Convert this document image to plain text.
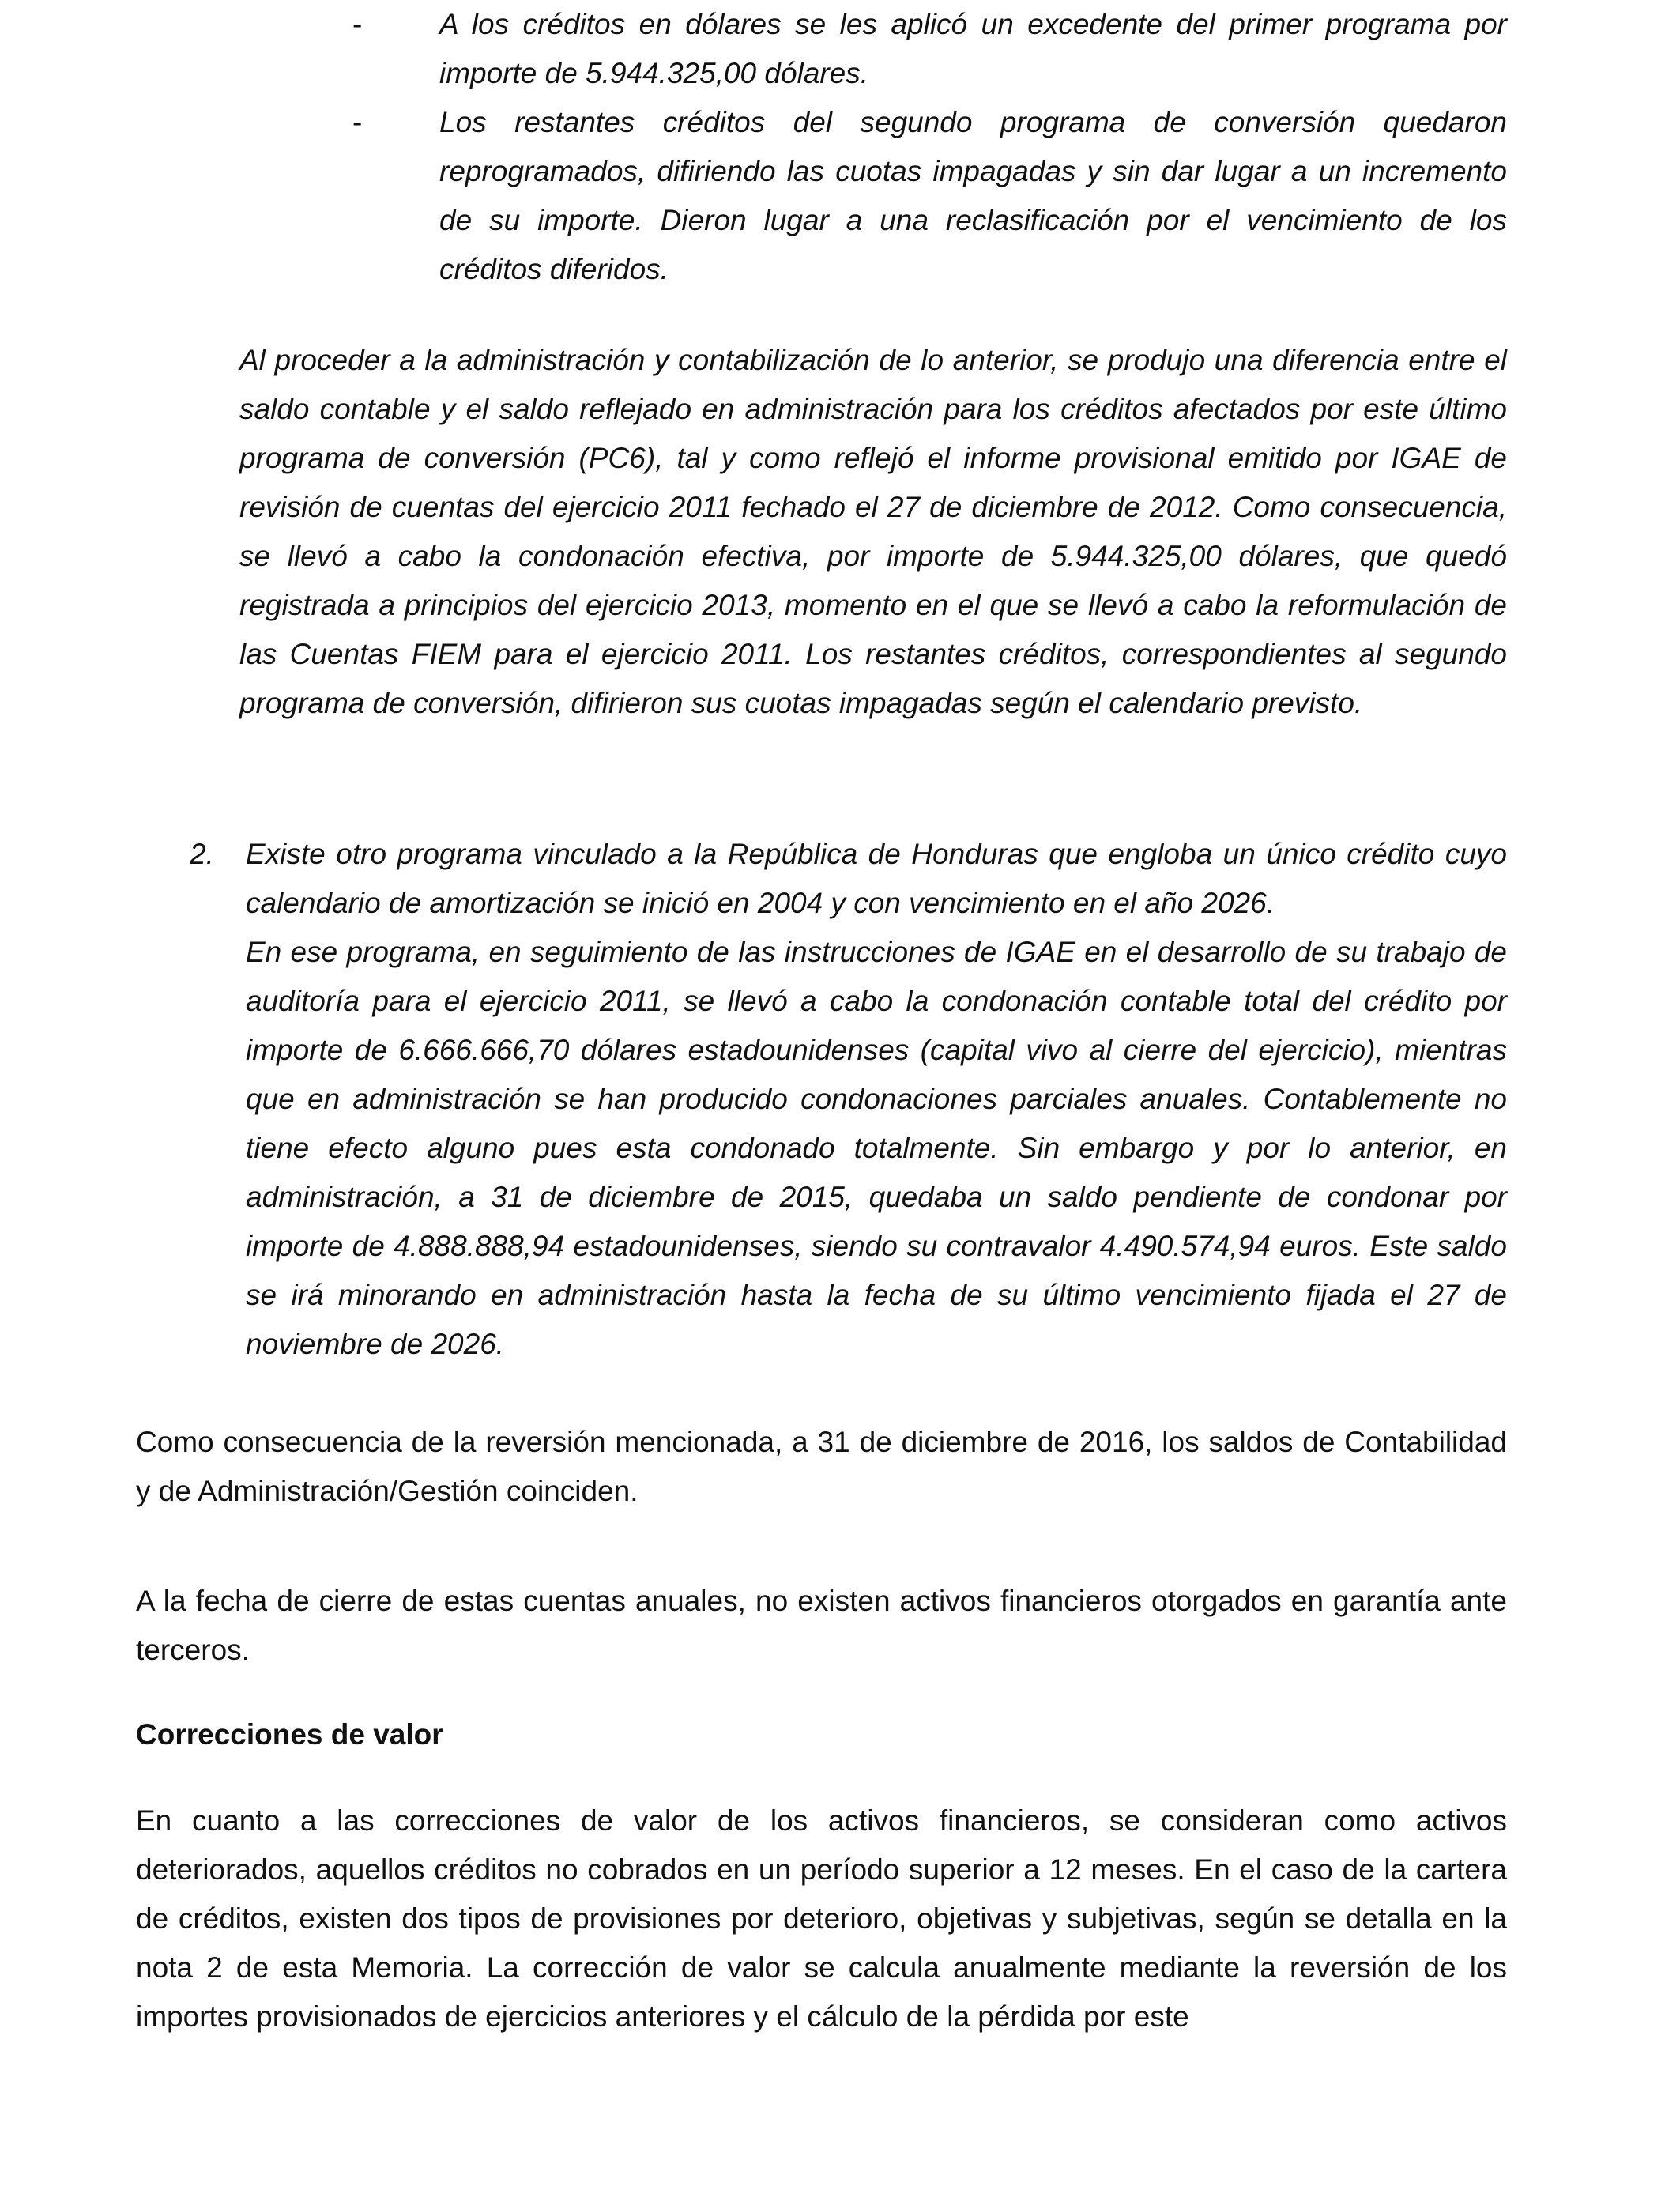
-	A los créditos en dólares se les aplicó un excedente del primer programa por importe de 5.944.325,00 dólares.

-	Los restantes créditos del segundo programa de conversión quedaron reprogramados, difiriendo las cuotas impagadas y sin dar lugar a un incremento de su importe. Dieron lugar a una reclasificación por el vencimiento de los créditos diferidos.

Al proceder a la administración y contabilización de lo anterior, se produjo una diferencia entre el saldo contable y el saldo reflejado en administración para los créditos afectados por este último programa de conversión (PC6), tal y como reflejó el informe provisional emitido por IGAE de revisión de cuentas del ejercicio 2011 fechado el 27 de diciembre de 2012. Como consecuencia, se llevó a cabo la condonación efectiva, por importe de 5.944.325,00 dólares, que quedó registrada a principios del ejercicio 2013, momento en el que se llevó a cabo la reformulación de las Cuentas FIEM para el ejercicio 2011. Los restantes créditos, correspondientes al segundo programa de conversión, difirieron sus cuotas impagadas según el calendario previsto.

2. Existe otro programa vinculado a la República de Honduras que engloba un único crédito cuyo calendario de amortización se inició en 2004 y con vencimiento en el año 2026.

En ese programa, en seguimiento de las instrucciones de IGAE en el desarrollo de su trabajo de auditoría para el ejercicio 2011, se llevó a cabo la condonación contable total del crédito por importe de 6.666.666,70 dólares estadounidenses (capital vivo al cierre del ejercicio), mientras que en administración se han producido condonaciones parciales anuales. Contablemente no tiene efecto alguno pues esta condonado totalmente. Sin embargo y por lo anterior, en administración, a 31 de diciembre de 2015, quedaba un saldo pendiente de condonar por importe de 4.888.888,94 estadounidenses, siendo su contravalor 4.490.574,94 euros. Este saldo se irá minorando en administración hasta la fecha de su último vencimiento fijada el 27 de noviembre de 2026.

Como consecuencia de la reversión mencionada, a 31 de diciembre de 2016, los saldos de Contabilidad y de Administración/Gestión coinciden.

A la fecha de cierre de estas cuentas anuales, no existen activos financieros otorgados en garantía ante terceros.

Correcciones de valor

En cuanto a las correcciones de valor de los activos financieros, se consideran como activos deteriorados, aquellos créditos no cobrados en un período superior a 12 meses. En el caso de la cartera de créditos, existen dos tipos de provisiones por deterioro, objetivas y subjetivas, según se detalla en la nota 2 de esta Memoria. La corrección de valor se calcula anualmente mediante la reversión de los importes provisionados de ejercicios anteriores y el cálculo de la pérdida por este
